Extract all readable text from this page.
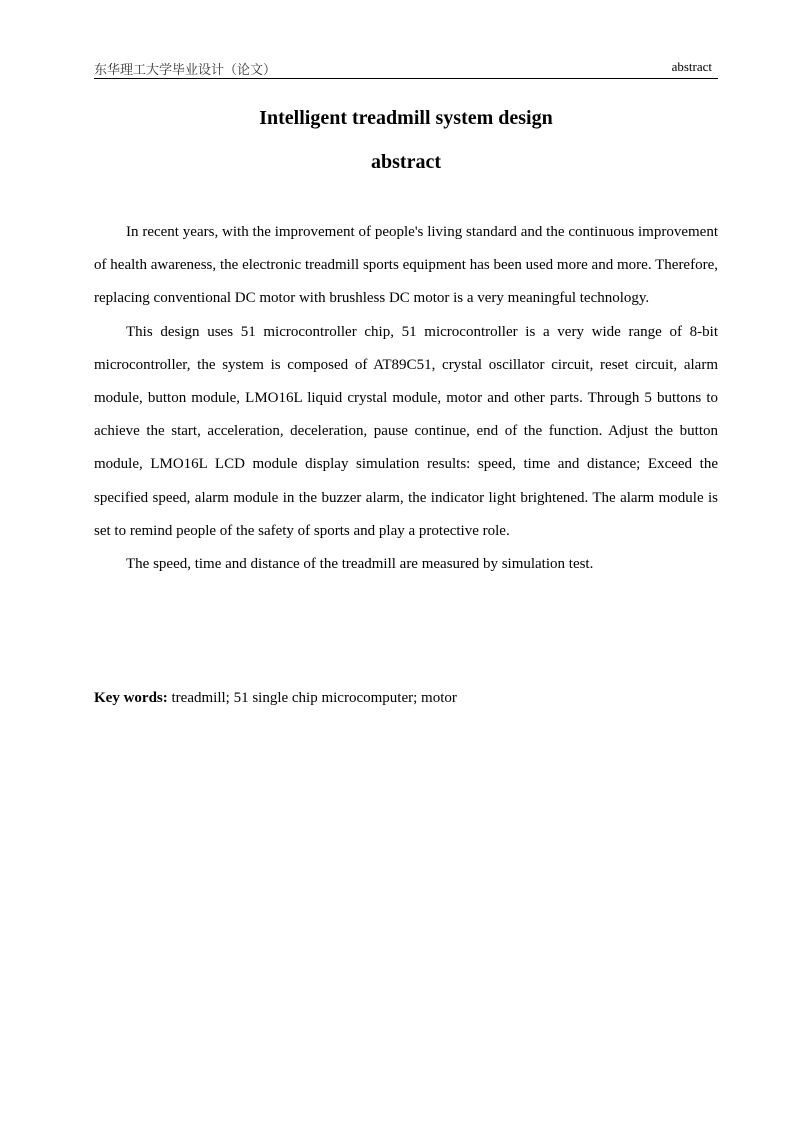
东华理工大学毕业设计（论文）	abstract
Intelligent treadmill system design
abstract

In recent years, with the improvement of people's living standard and the continuous improvement of health awareness, the electronic treadmill sports equipment has been used more and more. Therefore, replacing conventional DC motor with brushless DC motor is a very meaningful technology.

This design uses 51 microcontroller chip, 51 microcontroller is a very wide range of 8-bit microcontroller, the system is composed of AT89C51, crystal oscillator circuit, reset circuit, alarm module, button module, LMO16L liquid crystal module, motor and other parts. Through 5 buttons to achieve the start, acceleration, deceleration, pause continue, end of the function. Adjust the button module, LMO16L LCD module display simulation results: speed, time and distance; Exceed the specified speed, alarm module in the buzzer alarm, the indicator light brightened. The alarm module is set to remind people of the safety of sports and play a protective role.

The speed, time and distance of the treadmill are measured by simulation test.

Key words: treadmill; 51 single chip microcomputer; motor
